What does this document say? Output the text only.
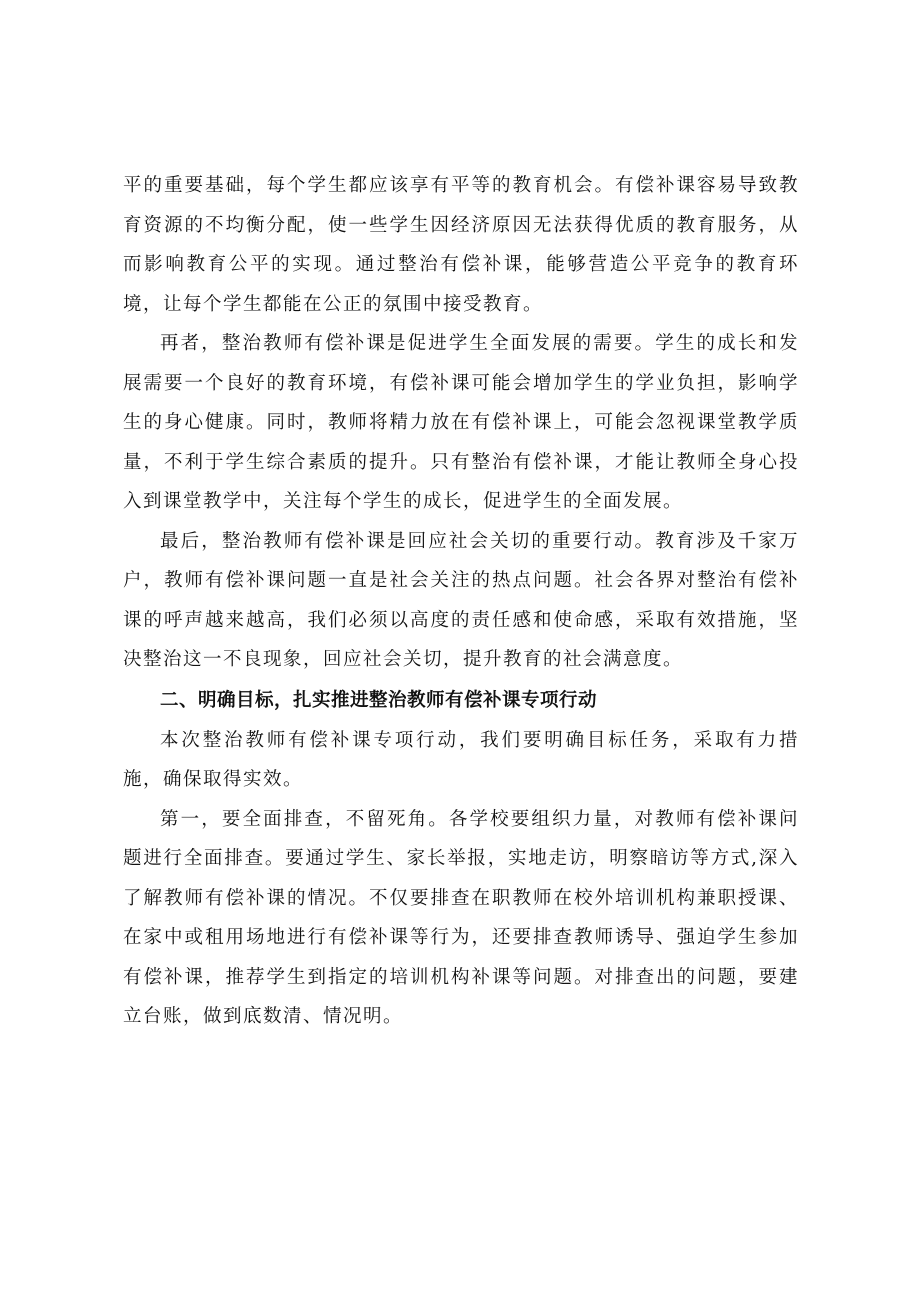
平的重要基础，每个学生都应该享有平等的教育机会。有偿补课容易导致教育资源的不均衡分配，使一些学生因经济原因无法获得优质的教育服务，从而影响教育公平的实现。通过整治有偿补课，能够营造公平竞争的教育环境，让每个学生都能在公正的氛围中接受教育。

再者，整治教师有偿补课是促进学生全面发展的需要。学生的成长和发展需要一个良好的教育环境，有偿补课可能会增加学生的学业负担，影响学生的身心健康。同时，教师将精力放在有偿补课上，可能会忽视课堂教学质量，不利于学生综合素质的提升。只有整治有偿补课，才能让教师全身心投入到课堂教学中，关注每个学生的成长，促进学生的全面发展。

最后，整治教师有偿补课是回应社会关切的重要行动。教育涉及千家万户，教师有偿补课问题一直是社会关注的热点问题。社会各界对整治有偿补课的呼声越来越高，我们必须以高度的责任感和使命感，采取有效措施，坚决整治这一不良现象，回应社会关切，提升教育的社会满意度。

二、明确目标，扎实推进整治教师有偿补课专项行动

本次整治教师有偿补课专项行动，我们要明确目标任务，采取有力措施，确保取得实效。

第一，要全面排查，不留死角。各学校要组织力量，对教师有偿补课问题进行全面排查。要通过学生、家长举报，实地走访，明察暗访等方式,深入了解教师有偿补课的情况。不仅要排查在职教师在校外培训机构兼职授课、在家中或租用场地进行有偿补课等行为，还要排查教师诱导、强迫学生参加有偿补课，推荐学生到指定的培训机构补课等问题。对排查出的问题，要建立台账，做到底数清、情况明。
